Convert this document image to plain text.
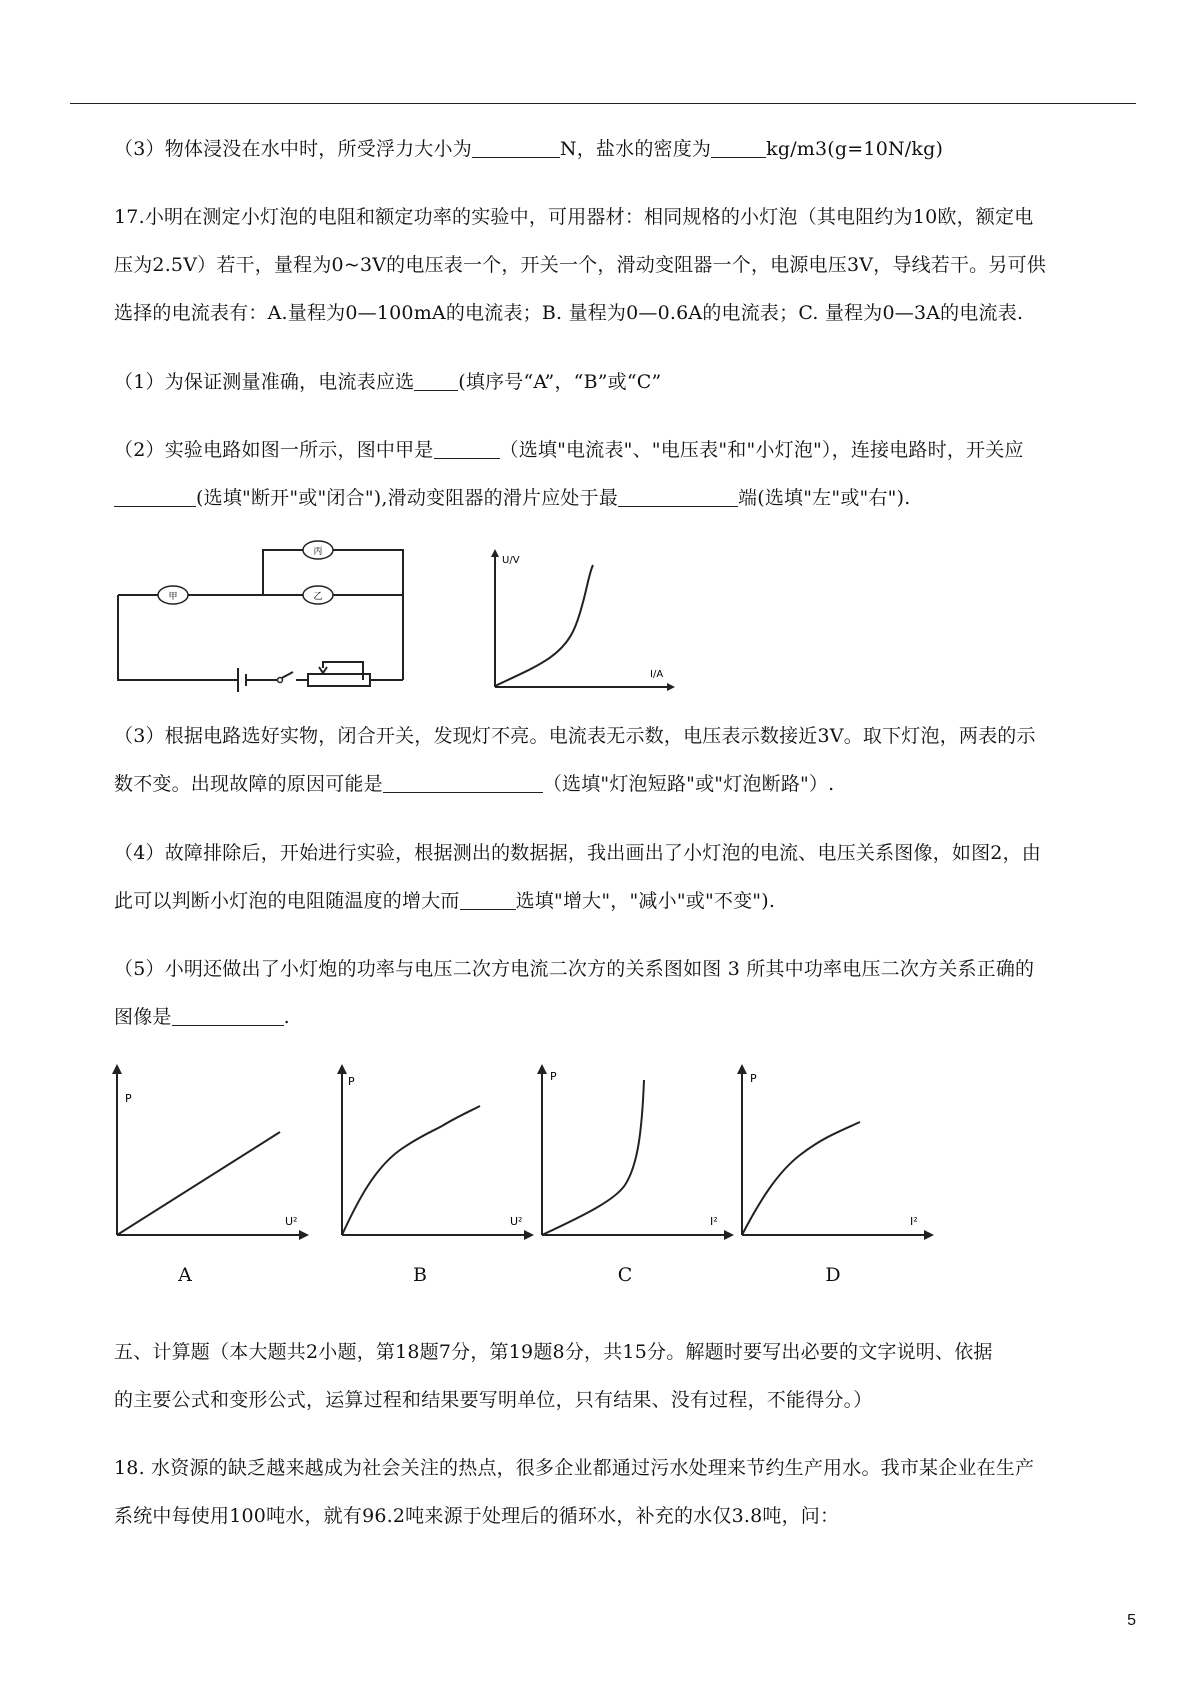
（3）物体浸没在水中时，所受浮力大小为	N，盐水的密度为	kg/m3(g=10N/kg)
17.小明在测定小灯泡的电阻和额定功率的实验中，可用器材：相同规格的小灯泡（其电阻约为10欧，额定电
压为2.5V）若干，量程为0~3V的电压表一个，开关一个，滑动变阻器一个，电源电压3V，导线若干。另可供
选择的电流表有：A.量程为0—100mA的电流表；B. 量程为0—0.6A的电流表；C. 量程为0—3A的电流表.
（1）为保证测量准确，电流表应选 (填序号“A”，“B”或“C”
（2）实验电路如图一所示，图中甲是	（选填"电流表"、"电压表"和"小灯泡"），连接电路时，开关应
(选填"断开"或"闭合"),滑动变阻器的滑片应处于最	端(选填"左"或"右").
甲
丙
乙
U/V
I/A
（3）根据电路选好实物，闭合开关，发现灯不亮。电流表无示数，电压表示数接近3V。取下灯泡，两表的示
数不变。出现故障的原因可能是	（选填"灯泡短路"或"灯泡断路"）.
（4）故障排除后，开始进行实验，根据测出的数据据，我出画出了小灯泡的电流、电压关系图像，如图2，由
此可以判断小灯泡的电阻随温度的增大而	选填"增大"，"减小"或"不变").
（5）小明还做出了小灯炮的功率与电压二次方电流二次方的关系图如图 3 所其中功率电压二次方关系正确的
图像是	.
P
U²
A
P
U²
B
P
I²
C
P
I²
D
五、计算题（本大题共2小题，第18题7分，第19题8分，共15分。解题时要写出必要的文字说明、依据
的主要公式和变形公式，运算过程和结果要写明单位，只有结果、没有过程，不能得分。）
18. 水资源的缺乏越来越成为社会关注的热点，很多企业都通过污水处理来节约生产用水。我市某企业在生产
系统中每使用100吨水，就有96.2吨来源于处理后的循环水，补充的水仅3.8吨，问：
5
